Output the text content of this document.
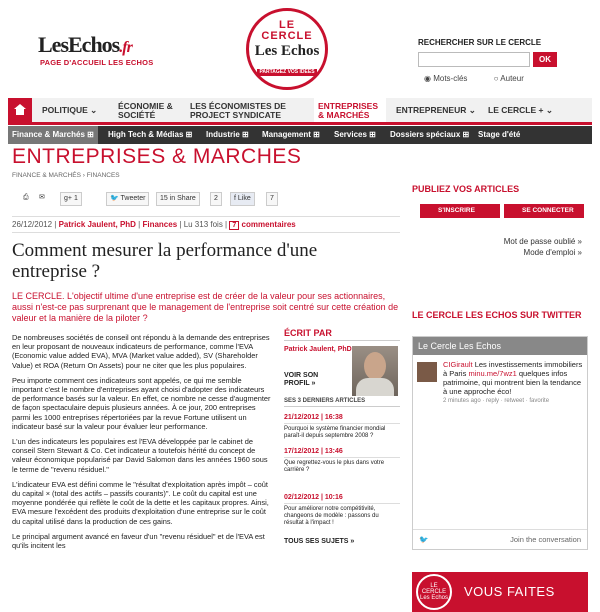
LesEchos.fr
PAGE D'ACCUEIL LES ECHOS
LE
CERCLE
Les Echos
PARTAGEZ VOS IDÉES
RECHERCHER SUR LE CERCLE
OK
◉ Mots-clés	○ Auteur
POLITIQUE ⌄ ÉCONOMIE & SOCIÉTÉ
LES ÉCONOMISTES DE PROJECT SYNDICATE
ENTREPRISES & MARCHÉS	ENTREPRENEUR ⌄ LE CERCLE + ⌄
Finance & Marchés ⊞	High Tech & Médias ⊞ Industrie ⊞ Management ⊞ Services ⊞ Dossiers spéciaux ⊞ Stage d'été
ENTREPRISES & MARCHES
FINANCE & MARCHÉS › FINANCES
⎙	✉	g+ 1	🐦 Tweeter	15 in Share	2	f Like	7
26/12/2012 | Patrick Jaulent, PhD | Finances | Lu 313 fois | 7 commentaires
Comment mesurer la performance d'une entreprise ?
LE CERCLE. L'objectif ultime d'une entreprise est de créer de la valeur pour ses actionnaires, aussi n'est-ce pas surprenant que le management de l'entreprise soit centré sur cette création de valeur et la manière de la piloter ?

De nombreuses sociétés de conseil ont répondu à la demande des entreprises en leur proposant de nouveaux indicateurs de performance, comme l'EVA (Economic value added EVA), MVA (Market value added), SV (Shareholder Value) et ROA (Return On Assets) pour ne citer que les plus populaires.

Peu importe comment ces indicateurs sont appelés, ce qui me semble important c'est le nombre d'entreprises ayant choisi d'adopter des indicateurs de performance basés sur la valeur. En effet, ce nombre ne cesse d'augmenter de façon spectaculaire depuis plusieurs années. À ce jour, 200 entreprises parmi les 1000 entreprises répertoriées par la revue Fortune utilisent un indicateur basé sur la valeur pour évaluer leur performance.

L'un des indicateurs les populaires est l'EVA développée par le cabinet de conseil Stern Stewart & Co. Cet indicateur a toutefois hérité du concept de valeur économique popularisé par David Salomon dans les années 1960 sous le terme de "revenu résiduel."

L'indicateur EVA est défini comme le "résultat d'exploitation après impôt – coût du capital × (total des actifs – passifs courants)". Le coût du capital est une moyenne pondérée qui reflète le coût de la dette et les capitaux propres. Ainsi, EVA mesure l'excédent des produits d'exploitation d'une entreprise sur le coût du capital utilisé dans la production de ces gains.

Le principal argument avancé en faveur d'un "revenu résiduel" et de l'EVA est qu'ils incitent les

ÉCRIT PAR
Patrick Jaulent, PhD
VOIR SON PROFIL »
SES 3 DERNIERS ARTICLES
21/12/2012 | 16:38
Pourquoi le système financier mondial paraît-il depuis septembre 2008 ?
17/12/2012 | 13:46
Que regrettez-vous le plus dans votre carrière ?
02/12/2012 | 10:16
Pour améliorer notre compétitivité, changeons de modèle : passons du résultat à l'impact !
TOUS SES SUJETS »
PUBLIEZ VOS ARTICLES
S'INSCRIRE	SE CONNECTER
Mot de passe oublié »
Mode d'emploi »
LE CERCLE LES ECHOS SUR TWITTER
Le Cercle Les Echos
CIGirault Les investissements immobiliers à Paris minu.me/7wz1 quelques infos patrimoine, qui montrent bien la tendance à une approche éco!
2 minutes ago · reply · retweet · favorite
🐦	Join the conversation
LE CERCLE Les Echos	VOUS FAITES
